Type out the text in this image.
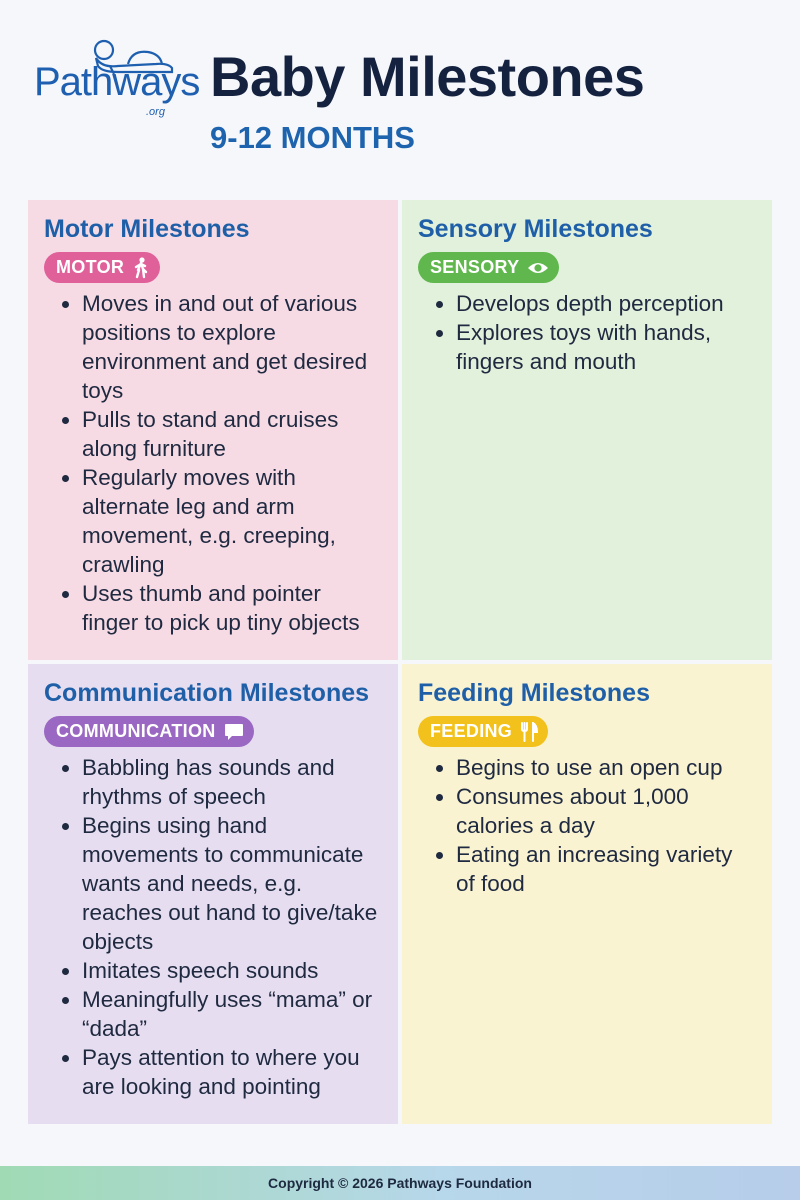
Pathways
.org
Baby Milestones
9-12 MONTHS
Motor Milestones
MOTOR
Moves in and out of various positions to explore environment and get desired toys
Pulls to stand and cruises along furniture
Regularly moves with alternate leg and arm movement, e.g. creeping, crawling
Uses thumb and pointer finger to pick up tiny objects
Sensory Milestones
SENSORY
Develops depth perception
Explores toys with hands, fingers and mouth
Communication Milestones
COMMUNICATION
Babbling has sounds and rhythms of speech
Begins using hand movements to communicate wants and needs, e.g. reaches out hand to give/take objects
Imitates speech sounds
Meaningfully uses “mama” or “dada”
Pays attention to where you are looking and pointing
Feeding Milestones
FEEDING
Begins to use an open cup
Consumes about 1,000 calories a day
Eating an increasing variety of food
Copyright © 2026 Pathways Foundation
